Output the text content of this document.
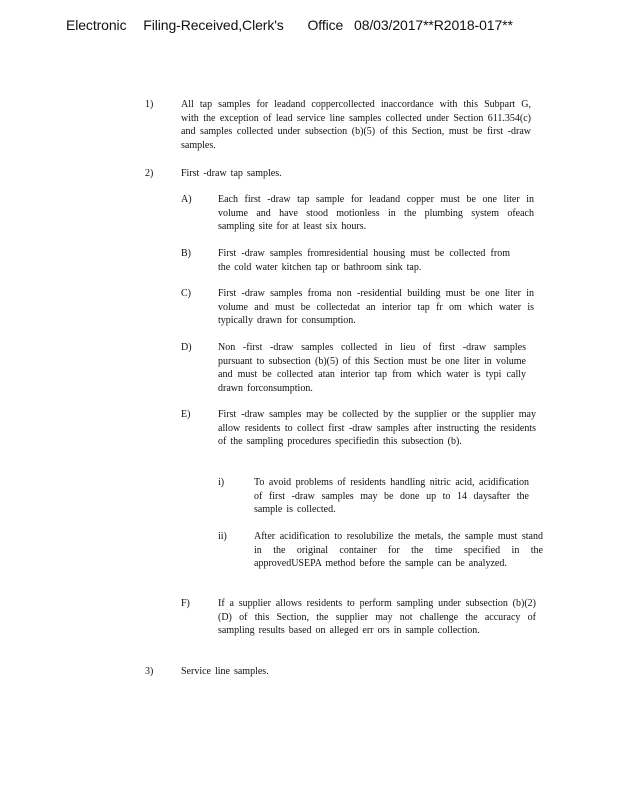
Electronic Filing-Received,Clerk's Office 08/03/2017**R2018-017**
1)	All tap samples for leadand coppercollected inaccordance with this Subpart G, with the exception of lead service line samples collected under Section 611.354(c) and samples collected under subsection (b)(5) of this Section, must be first -draw samples.
2)	First -draw tap samples.
A)	Each first -draw tap sample for leadand copper must be one liter in volume and have stood motionless in the plumbing system ofeach sampling site for at least six hours.
B)	First -draw samples fromresidential housing must be collected from the cold water kitchen tap or bathroom sink tap.
C)	First -draw samples froma non -residential building must be one liter in volume and must be collectedat an interior tap fr om which water is typically drawn for consumption.
D)	Non -first -draw samples collected in lieu of first -draw samples pursuant to subsection (b)(5) of this Section must be one liter in volume and must be collected atan interior tap from which water is typi cally drawn forconsumption.
E)	First -draw samples may be collected by the supplier or the supplier may allow residents to collect first -draw samples after instructing the residents of the sampling procedures specifiedin this subsection (b).
i)	To avoid problems of residents handling nitric acid, acidification of first -draw samples may be done up to 14 daysafter the sample is collected.
ii)	After acidification to resolubilize the metals, the sample must stand in the original container for the time specified in the approvedUSEPA method before the sample can be analyzed.
F)	If a supplier allows residents to perform sampling under subsection (b)(2)(D) of this Section, the supplier may not challenge the accuracy of sampling results based on alleged err ors in sample collection.
3)	Service line samples.
